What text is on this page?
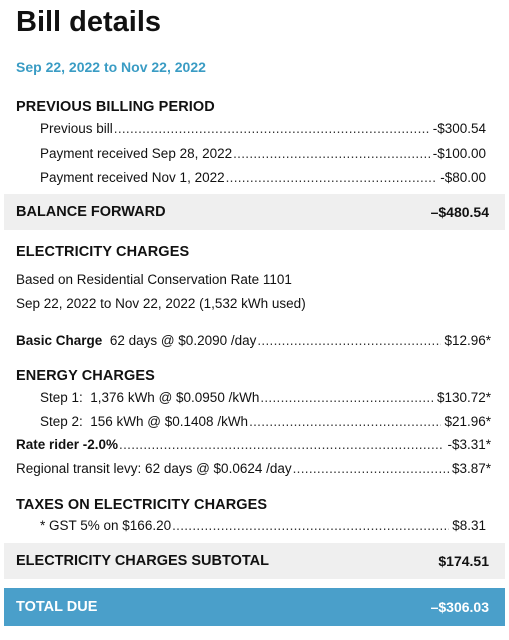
Bill details
Sep 22, 2022 to Nov 22, 2022
PREVIOUS BILLING PERIOD
Previous bill .....	-$300.54
Payment received Sep 28, 2022 .....	-$100.00
Payment received Nov 1, 2022 .....	-$80.00
BALANCE FORWARD	–$480.54
ELECTRICITY CHARGES
Based on Residential Conservation Rate 1101
Sep 22, 2022 to Nov 22, 2022 (1,532 kWh used)
Basic Charge 62 days @ $0.2090 /day .....	$12.96*
ENERGY CHARGES
Step 1:  1,376 kWh @ $0.0950 /kWh .....	$130.72*
Step 2:  156 kWh @ $0.1408 /kWh .....	$21.96*
Rate rider -2.0% .....	-$3.31*
Regional transit levy: 62 days @ $0.0624 /day .....	$3.87*
TAXES ON ELECTRICITY CHARGES
* GST 5% on $166.20 .....	$8.31
ELECTRICITY CHARGES SUBTOTAL	$174.51
TOTAL DUE	–$306.03
